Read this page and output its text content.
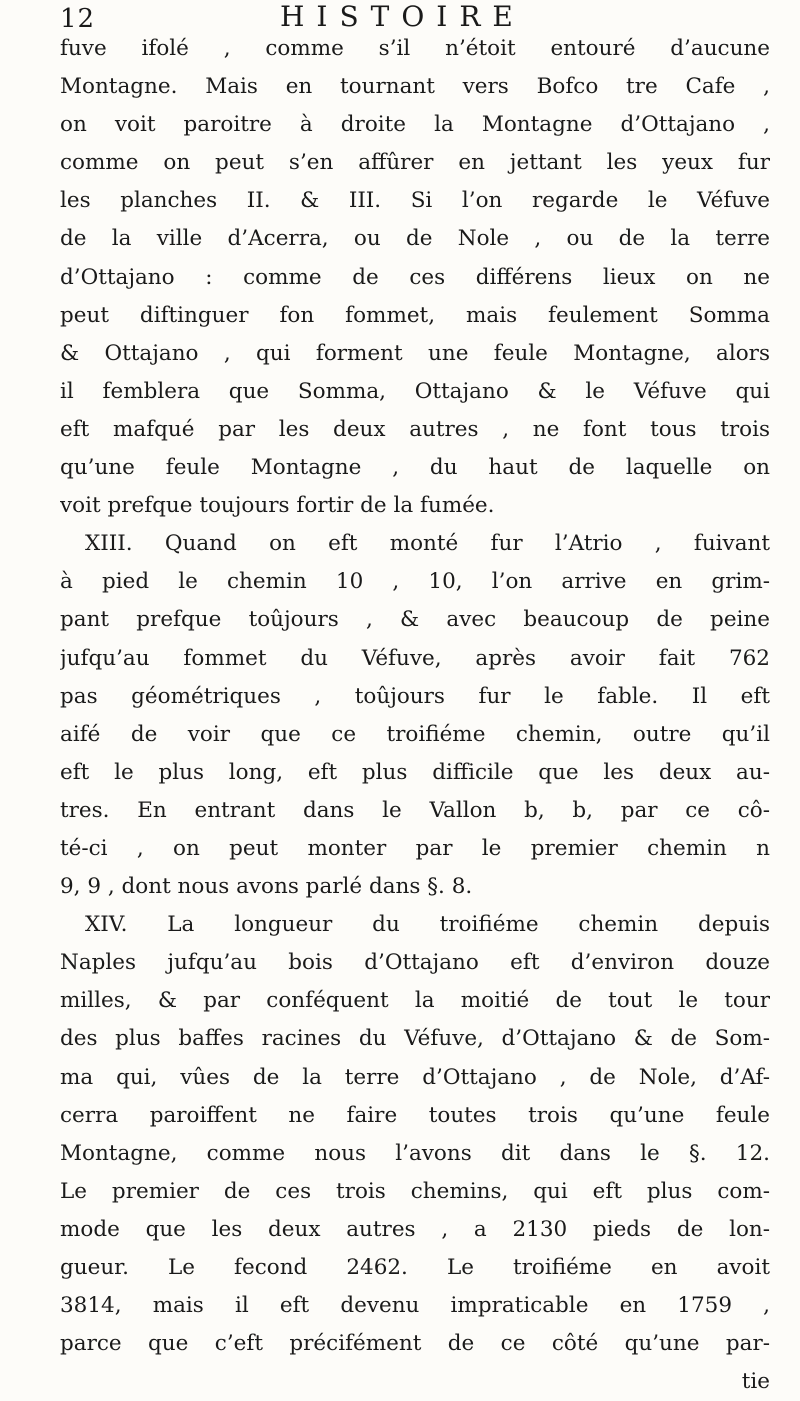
12	HISTOIRE
fuve ifolé , comme s’il n’étoit entouré d’aucune
Montagne. Mais en tournant vers Bofco tre Cafe ,
on voit paroitre à droite la Montagne d’Ottajano ,
comme on peut s’en affûrer en jettant les yeux fur
les planches II. & III. Si l’on regarde le Véfuve
de la ville d’Acerra, ou de Nole , ou de la terre
d’Ottajano : comme de ces différens lieux on ne
peut diftinguer fon fommet, mais feulement Somma
& Ottajano , qui forment une feule Montagne, alors
il femblera que Somma, Ottajano & le Véfuve qui
eft mafqué par les deux autres , ne font tous trois
qu’une feule Montagne , du haut de laquelle on
voit prefque toujours fortir de la fumée.
XIII. Quand on eft monté fur l’Atrio , fuivant
à pied le chemin 10 , 10, l’on arrive en grim-
pant prefque toûjours , & avec beaucoup de peine
jufqu’au fommet du Véfuve, après avoir fait 762
pas géométriques , toûjours fur le fable. Il eft
aifé de voir que ce troifiéme chemin, outre qu’il
eft le plus long, eft plus difficile que les deux au-
tres. En entrant dans le Vallon b, b, par ce cô-
té-ci , on peut monter par le premier chemin n
9, 9 , dont nous avons parlé dans §. 8.
XIV. La longueur du troifiéme chemin depuis
Naples jufqu’au bois d’Ottajano eft d’environ douze
milles, & par conféquent la moitié de tout le tour
des plus baffes racines du Véfuve, d’Ottajano & de Som-
ma qui, vûes de la terre d’Ottajano , de Nole, d’Af-
cerra paroiffent ne faire toutes trois qu’une feule
Montagne, comme nous l’avons dit dans le §. 12.
Le premier de ces trois chemins, qui eft plus com-
mode que les deux autres , a 2130 pieds de lon-
gueur. Le fecond 2462. Le troifiéme en avoit
3814, mais il eft devenu impraticable en 1759 ,
parce que c’eft précifément de ce côté qu’une par-
tie
